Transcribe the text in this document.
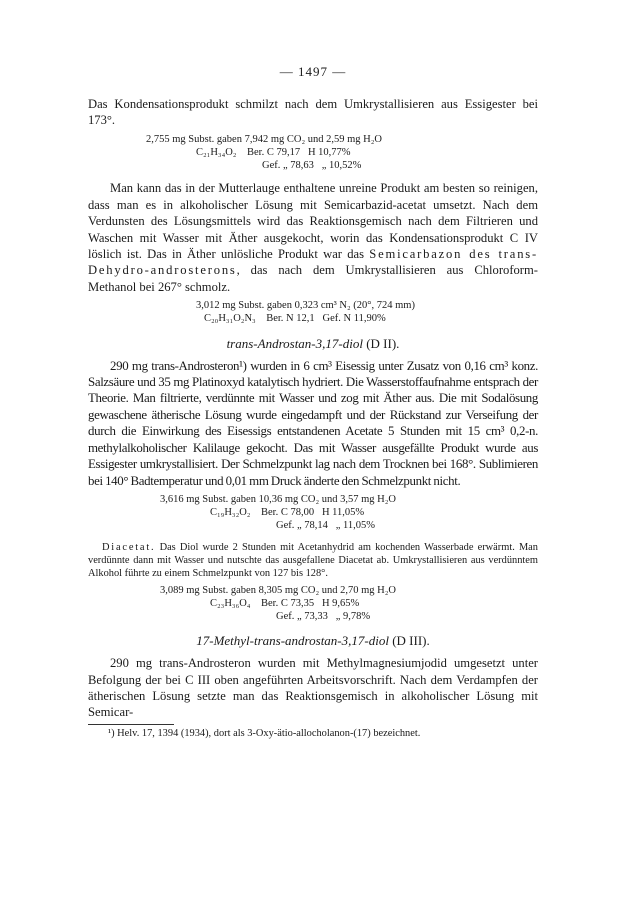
— 1497 —

Das Kondensationsprodukt schmilzt nach dem Umkrystallisieren aus Essigester bei 173°.

2,755 mg Subst. gaben 7,942 mg CO₂ und 2,59 mg H₂O
C₂₁H₃₄O₂ Ber. C 79,17   H 10,77%
Gef. „ 78,63   „ 10,52%

Man kann das in der Mutterlauge enthaltene unreine Produkt am besten so reinigen, dass man es in alkoholischer Lösung mit Semicarbazid-acetat umsetzt. Nach dem Verdunsten des Lösungsmittels wird das Reaktionsgemisch nach dem Filtrieren und Waschen mit Wasser mit Äther ausgekocht, worin das Kondensationsprodukt C IV löslich ist. Das in Äther unlösliche Produkt war das Semicarbazon des trans-Dehydro-androsterons, das nach dem Umkrystallisieren aus Chloroform-Methanol bei 267° schmolz.

3,012 mg Subst. gaben 0,323 cm³ N₂ (20°, 724 mm)
C₂₀H₃₁O₂N₃ Ber. N 12,1   Gef. N 11,90%
trans-Androstan-3,17-diol (D II).

290 mg trans-Androsteron¹) wurden in 6 cm³ Eisessig unter Zusatz von 0,16 cm³ konz. Salzsäure und 35 mg Platinoxyd katalytisch hydriert. Die Wasserstoffaufnahme entsprach der Theorie. Man filtrierte, verdünnte mit Wasser und zog mit Äther aus. Die mit Sodalösung gewaschene ätherische Lösung wurde eingedampft und der Rückstand zur Verseifung der durch die Einwirkung des Eisessigs entstandenen Acetate 5 Stunden mit 15 cm³ 0,2-n. methylalkoholischer Kalilauge gekocht. Das mit Wasser ausgefällte Produkt wurde aus Essigester umkrystallisiert. Der Schmelzpunkt lag nach dem Trocknen bei 168°. Sublimieren bei 140° Badtemperatur und 0,01 mm Druck änderte den Schmelzpunkt nicht.

3,616 mg Subst. gaben 10,36 mg CO₂ und 3,57 mg H₂O
C₁₉H₃₂O₂ Ber. C 78,00   H 11,05%
Gef. „ 78,14   „ 11,05%

Diacetat. Das Diol wurde 2 Stunden mit Acetanhydrid am kochenden Wasserbade erwärmt. Man verdünnte dann mit Wasser und nutschte das ausgefallene Diacetat ab. Umkrystallisieren aus verdünntem Alkohol führte zu einem Schmelzpunkt von 127 bis 128°.

3,089 mg Subst. gaben 8,305 mg CO₂ und 2,70 mg H₂O
C₂₃H₃₆O₄ Ber. C 73,35   H 9,65%
Gef. „ 73,33   „ 9,78%
17-Methyl-trans-androstan-3,17-diol (D III).

290 mg trans-Androsteron wurden mit Methylmagnesiumjodid umgesetzt unter Befolgung der bei C III oben angeführten Arbeitsvorschrift. Nach dem Verdampfen der ätherischen Lösung setzte man das Reaktionsgemisch in alkoholischer Lösung mit Semicar-

¹) Helv. 17, 1394 (1934), dort als 3-Oxy-ätio-allocholanon-(17) bezeichnet.
